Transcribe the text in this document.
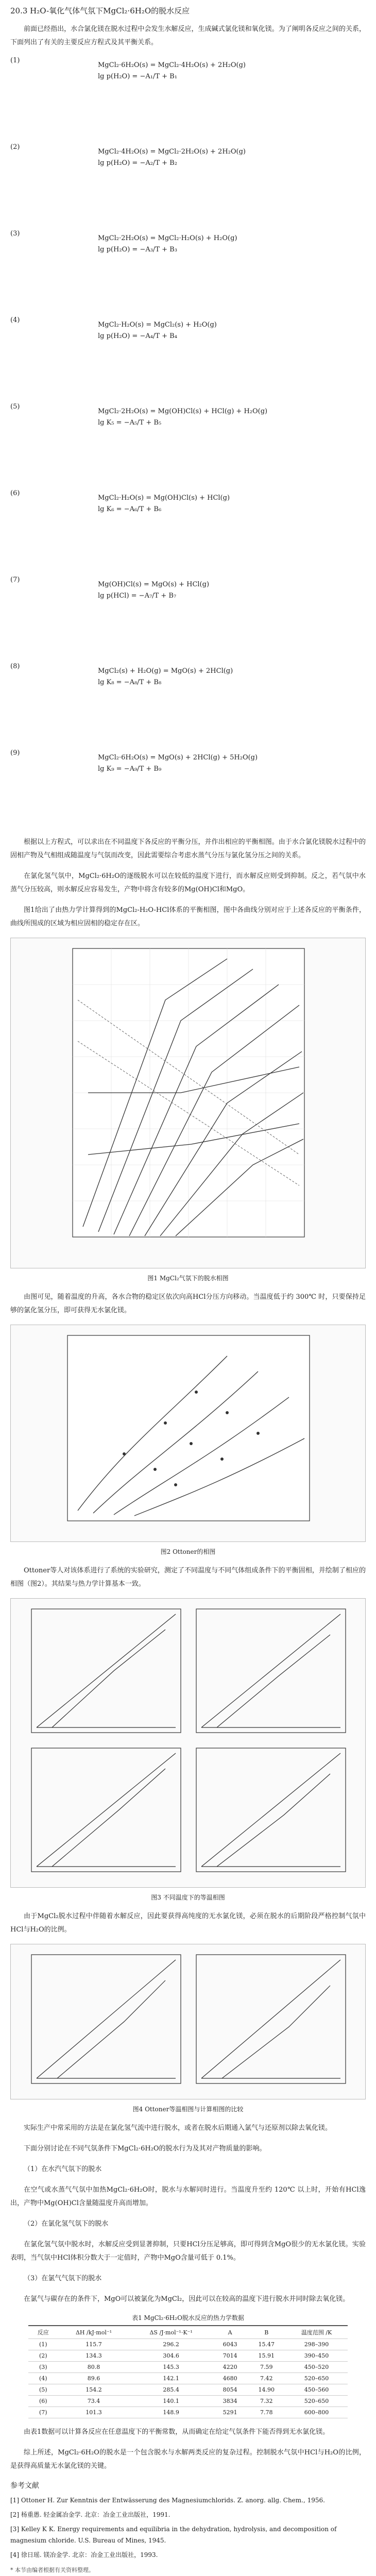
20.3 H₂O-氧化气体气氛下MgCl₂·6H₂O的脱水反应

前面已经指出，水合氯化镁在脱水过程中会发生水解反应，生成碱式氯化镁和氧化镁。为了阐明各反应之间的关系，下面列出了有关的主要反应方程式及其平衡关系。

(1)
MgCl₂·6H₂O(s) = MgCl₂·4H₂O(s) + 2H₂O(g)
lg p(H₂O) = −A₁/T + B₁
(2)
MgCl₂·4H₂O(s) = MgCl₂·2H₂O(s) + 2H₂O(g)
lg p(H₂O) = −A₂/T + B₂
(3)
MgCl₂·2H₂O(s) = MgCl₂·H₂O(s) + H₂O(g)
lg p(H₂O) = −A₃/T + B₃
(4)
MgCl₂·H₂O(s) = MgCl₂(s) + H₂O(g)
lg p(H₂O) = −A₄/T + B₄
(5)
MgCl₂·2H₂O(s) = Mg(OH)Cl(s) + HCl(g) + H₂O(g)
lg K₅ = −A₅/T + B₅
(6)
MgCl₂·H₂O(s) = Mg(OH)Cl(s) + HCl(g)
lg K₆ = −A₆/T + B₆
(7)
Mg(OH)Cl(s) = MgO(s) + HCl(g)
lg p(HCl) = −A₇/T + B₇
(8)
MgCl₂(s) + H₂O(g) = MgO(s) + 2HCl(g)
lg K₈ = −A₈/T + B₈
(9)
MgCl₂·6H₂O(s) = MgO(s) + 2HCl(g) + 5H₂O(g)
lg K₉ = −A₉/T + B₉

根据以上方程式，可以求出在不同温度下各反应的平衡分压，并作出相应的平衡相图。由于水合氯化镁脱水过程中的固相产物及气相组成随温度与气氛而改变，因此需要综合考虑水蒸气分压与氯化氢分压之间的关系。

在氯化氢气氛中，MgCl₂·6H₂O的逐级脱水可以在较低的温度下进行，而水解反应则受到抑制。反之，若气氛中水蒸气分压较高，则水解反应容易发生，产物中将含有较多的Mg(OH)Cl和MgO。

图1给出了由热力学计算得到的MgCl₂-H₂O-HCl体系的平衡相图，图中各曲线分别对应于上述各反应的平衡条件，曲线所围成的区域为相应固相的稳定存在区。

图1 MgCl₂气氛下的脱水相图

由图可见，随着温度的升高，各水合物的稳定区依次向高HCl分压方向移动。当温度低于约 300℃ 时，只要保持足够的氯化氢分压，即可获得无水氯化镁。

图2 Ottoner的相图

Ottoner等人对该体系进行了系统的实验研究，测定了不同温度与不同气体组成条件下的平衡固相，并绘制了相应的相图（图2）。其结果与热力学计算基本一致。

图3 不同温度下的等温相图

由于MgCl₂脱水过程中伴随着水解反应，因此要获得高纯度的无水氯化镁，必须在脱水的后期阶段严格控制气氛中HCl与H₂O的比例。

图4 Ottoner等温相图与计算相图的比较

实际生产中常采用的方法是在氯化氢气流中进行脱水，或者在脱水后期通入氯气与还原剂以除去氧化镁。

下面分别讨论在不同气氛条件下MgCl₂·6H₂O的脱水行为及其对产物质量的影响。

（1）在水汽气氛下的脱水

在空气或水蒸气气氛中加热MgCl₂·6H₂O时，脱水与水解同时进行。当温度升至约 120℃ 以上时，开始有HCl逸出，产物中Mg(OH)Cl含量随温度升高而增加。

（2）在氯化氢气氛下的脱水

在氯化氢气氛中脱水时，水解反应受到显著抑制，只要HCl分压足够高，即可得到含MgO很少的无水氯化镁。实验表明，当气氛中HCl体积分数大于一定值时，产物中MgO含量可低于 0.1%。

（3）在氯气气氛下的脱水

在氯气与碳存在的条件下，MgO可以被氯化为MgCl₂，因此可以在较高的温度下进行脱水并同时除去氧化镁。

表1 MgCl₂·6H₂O脱水反应的热力学数据
反应	ΔH /kJ·mol⁻¹	ΔS /J·mol⁻¹·K⁻¹	A	B	温度范围 /K
(1)	115.7	296.2	6043	15.47	298–390
(2)	134.3	304.6	7014	15.91	390–450
(3)	80.8	145.3	4220	7.59	450–520
(4)	89.6	142.1	4680	7.42	520–650
(5)	154.2	285.4	8054	14.90	450–560
(6)	73.4	140.1	3834	7.32	520–650
(7)	101.3	148.9	5291	7.78	600–800

由表1数据可以计算各反应在任意温度下的平衡常数，从而确定在给定气氛条件下能否得到无水氯化镁。

综上所述，MgCl₂·6H₂O的脱水是一个包含脱水与水解两类反应的复杂过程。控制脱水气氛中HCl与H₂O的比例，是获得高质量无水氯化镁的关键。

参考文献

[1] Ottoner H. Zur Kenntnis der Entwässerung des Magnesiumchlorids. Z. anorg. allg. Chem., 1956.

[2] 杨重愚. 轻金属冶金学. 北京：冶金工业出版社，1991.

[3] Kelley K K. Energy requirements and equilibria in the dehydration, hydrolysis, and decomposition of magnesium chloride. U.S. Bureau of Mines, 1945.

[4] 徐日瑶. 镁冶金学. 北京：冶金工业出版社，1993.

* 本节由编者根据有关资料整理。
